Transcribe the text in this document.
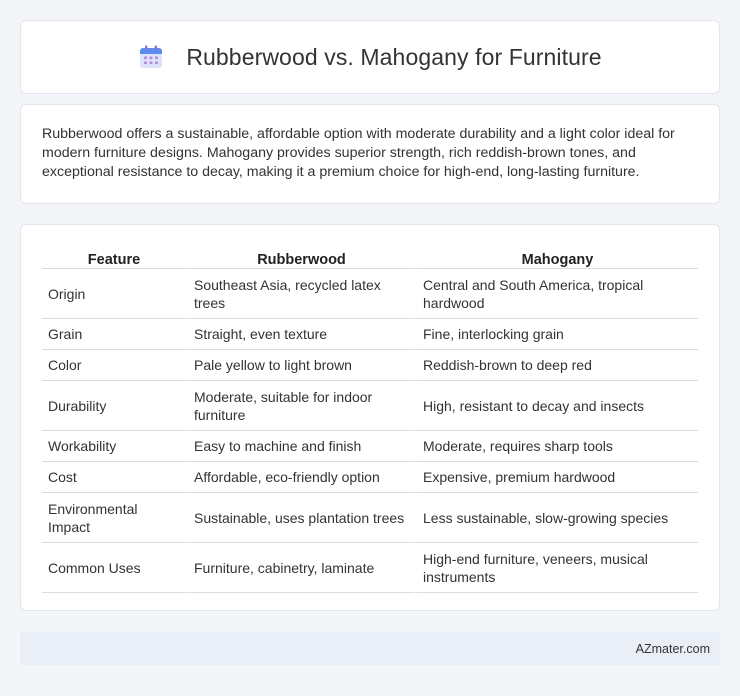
Rubberwood vs. Mahogany for Furniture

Rubberwood offers a sustainable, affordable option with moderate durability and a light color ideal for modern furniture designs. Mahogany provides superior strength, rich reddish-brown tones, and exceptional resistance to decay, making it a premium choice for high-end, long-lasting furniture.

Feature	Rubberwood	Mahogany
Origin	Southeast Asia, recycled latex trees	Central and South America, tropical hardwood
Grain	Straight, even texture	Fine, interlocking grain
Color	Pale yellow to light brown	Reddish-brown to deep red
Durability	Moderate, suitable for indoor furniture	High, resistant to decay and insects
Workability	Easy to machine and finish	Moderate, requires sharp tools
Cost	Affordable, eco-friendly option	Expensive, premium hardwood
Environmental Impact	Sustainable, uses plantation trees	Less sustainable, slow-growing species
Common Uses	Furniture, cabinetry, laminate	High-end furniture, veneers, musical instruments
AZmater.com
